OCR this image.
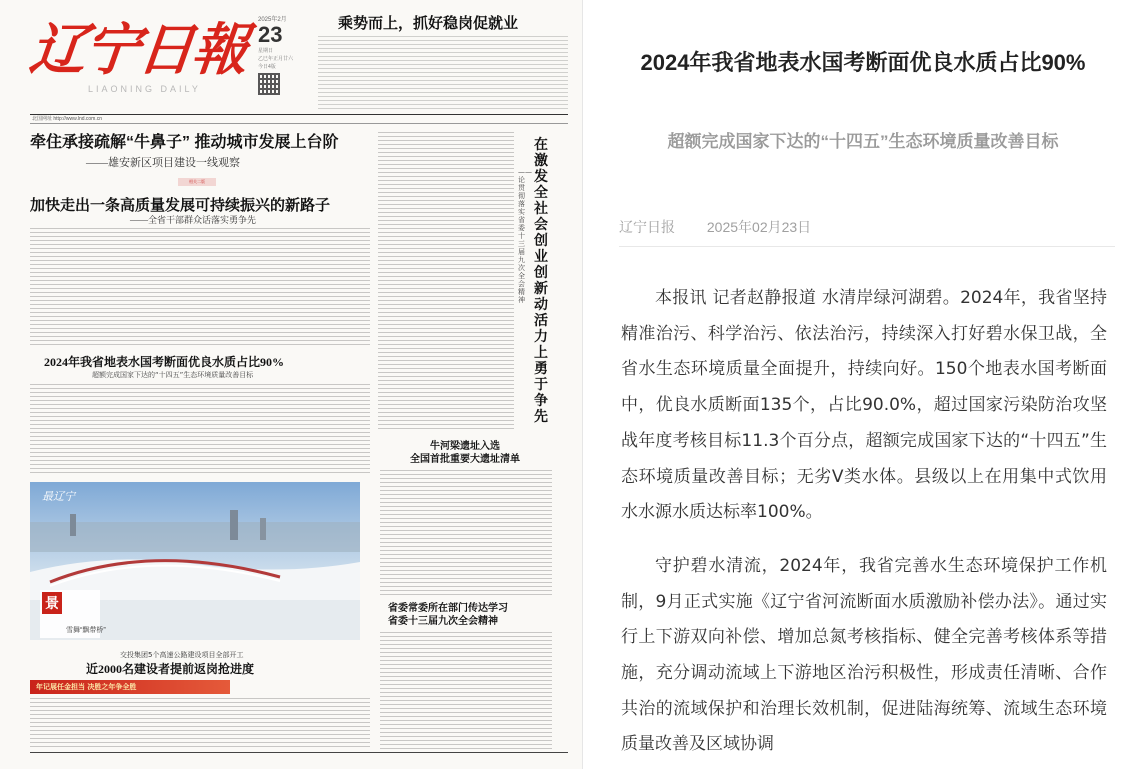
辽宁日報
LIAONING DAILY
2025年2月
23
星期日
乙巳年正月廿六
今日4版
乘势而上，抓好稳岗促就业
北国网址 http://www.lnd.com.cn
牵住承接疏解“牛鼻子” 推动城市发展上台阶
——雄安新区项目建设一线观察
相关二版
加快走出一条高质量发展可持续振兴的新路子
——全省干部群众话落实勇争先
在激发全社会创业创新动活力上勇于争先
——论贯彻落实省委十三届九次全会精神
2024年我省地表水国考断面优良水质占比90%
超额完成国家下达的“十四五”生态环境质量改善目标
牛河梁遗址入选
全国首批重要大遗址清单
景
最辽宁
雪舞“飘带桥”
省委常委所在部门传达学习
省委十三届九次全会精神
交投集团5个高速公路建设项目全部开工
近2000名建设者提前返岗抢进度
年记展任金担当 决胜之年争全胜
2024年我省地表水国考断面优良水质占比90%
超额完成国家下达的“十四五”生态环境质量改善目标
辽宁日报 2025年02月23日

本报讯 记者赵静报道 水清岸绿河湖碧。2024年，我省坚持精准治污、科学治污、依法治污，持续深入打好碧水保卫战，全省水生态环境质量全面提升，持续向好。150个地表水国考断面中，优良水质断面135个，占比90.0%，超过国家污染防治攻坚战年度考核目标11.3个百分点，超额完成国家下达的“十四五”生态环境质量改善目标；无劣Ⅴ类水体。县级以上在用集中式饮用水水源水质达标率100%。

守护碧水清流，2024年，我省完善水生态环境保护工作机制，9月正式实施《辽宁省河流断面水质激励补偿办法》。通过实行上下游双向补偿、增加总氮考核指标、健全完善考核体系等措施，充分调动流域上下游地区治污积极性，形成责任清晰、合作共治的流域保护和治理长效机制，促进陆海统筹、流域生态环境质量改善及区域协调
